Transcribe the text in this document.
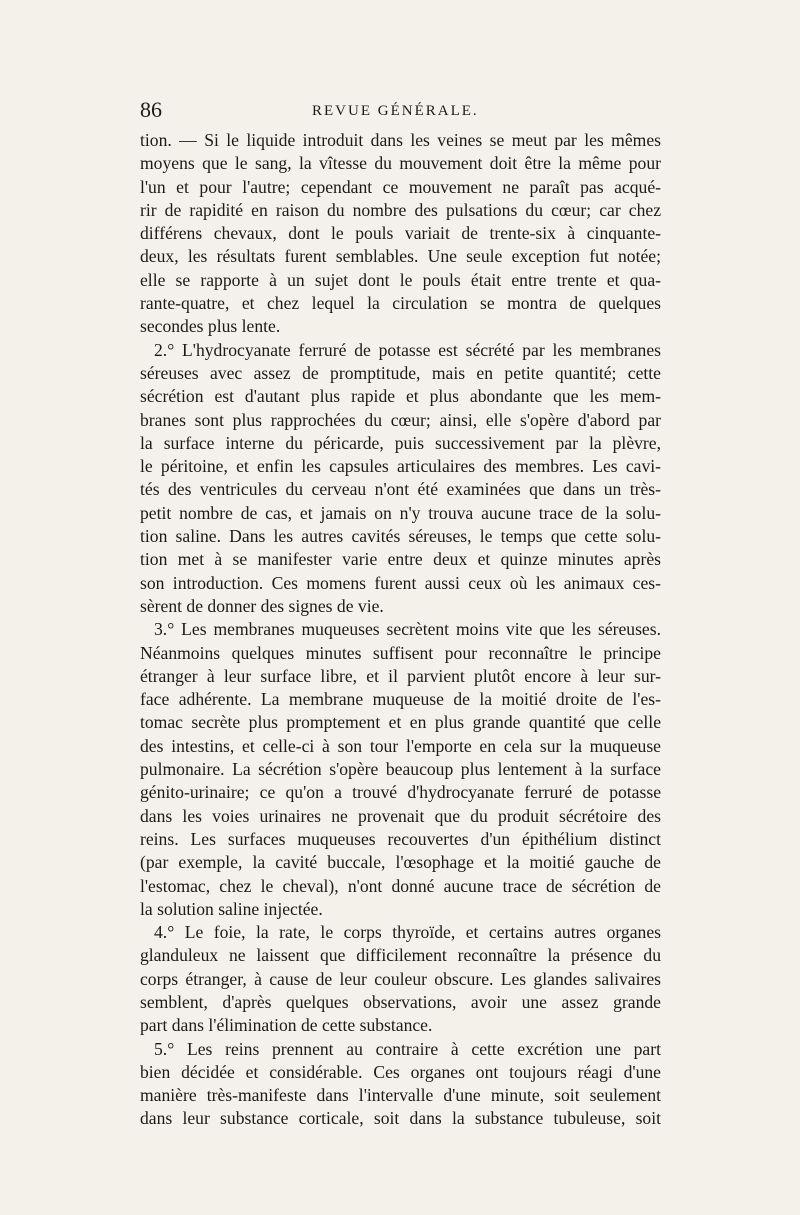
86	REVUE GÉNÉRALE.
tion. — Si le liquide introduit dans les veines se meut par les mêmes
moyens que le sang, la vîtesse du mouvement doit être la même pour
l'un et pour l'autre; cependant ce mouvement ne paraît pas acqué-
rir de rapidité en raison du nombre des pulsations du cœur; car chez
différens chevaux, dont le pouls variait de trente-six à cinquante-
deux, les résultats furent semblables. Une seule exception fut notée;
elle se rapporte à un sujet dont le pouls était entre trente et qua-
rante-quatre, et chez lequel la circulation se montra de quelques
secondes plus lente.
2.° L'hydrocyanate ferruré de potasse est sécrété par les membranes
séreuses avec assez de promptitude, mais en petite quantité; cette
sécrétion est d'autant plus rapide et plus abondante que les mem-
branes sont plus rapprochées du cœur; ainsi, elle s'opère d'abord par
la surface interne du péricarde, puis successivement par la plèvre,
le péritoine, et enfin les capsules articulaires des membres. Les cavi-
tés des ventricules du cerveau n'ont été examinées que dans un très-
petit nombre de cas, et jamais on n'y trouva aucune trace de la solu-
tion saline. Dans les autres cavités séreuses, le temps que cette solu-
tion met à se manifester varie entre deux et quinze minutes après
son introduction. Ces momens furent aussi ceux où les animaux ces-
sèrent de donner des signes de vie.
3.° Les membranes muqueuses secrètent moins vite que les séreuses.
Néanmoins quelques minutes suffisent pour reconnaître le principe
étranger à leur surface libre, et il parvient plutôt encore à leur sur-
face adhérente. La membrane muqueuse de la moitié droite de l'es-
tomac secrète plus promptement et en plus grande quantité que celle
des intestins, et celle-ci à son tour l'emporte en cela sur la muqueuse
pulmonaire. La sécrétion s'opère beaucoup plus lentement à la surface
génito-urinaire; ce qu'on a trouvé d'hydrocyanate ferruré de potasse
dans les voies urinaires ne provenait que du produit sécrétoire des
reins. Les surfaces muqueuses recouvertes d'un épithélium distinct
(par exemple, la cavité buccale, l'œsophage et la moitié gauche de
l'estomac, chez le cheval), n'ont donné aucune trace de sécrétion de
la solution saline injectée.
4.° Le foie, la rate, le corps thyroïde, et certains autres organes
glanduleux ne laissent que difficilement reconnaître la présence du
corps étranger, à cause de leur couleur obscure. Les glandes salivaires
semblent, d'après quelques observations, avoir une assez grande
part dans l'élimination de cette substance.
5.° Les reins prennent au contraire à cette excrétion une part
bien décidée et considérable. Ces organes ont toujours réagi d'une
manière très-manifeste dans l'intervalle d'une minute, soit seulement
dans leur substance corticale, soit dans la substance tubuleuse, soit
